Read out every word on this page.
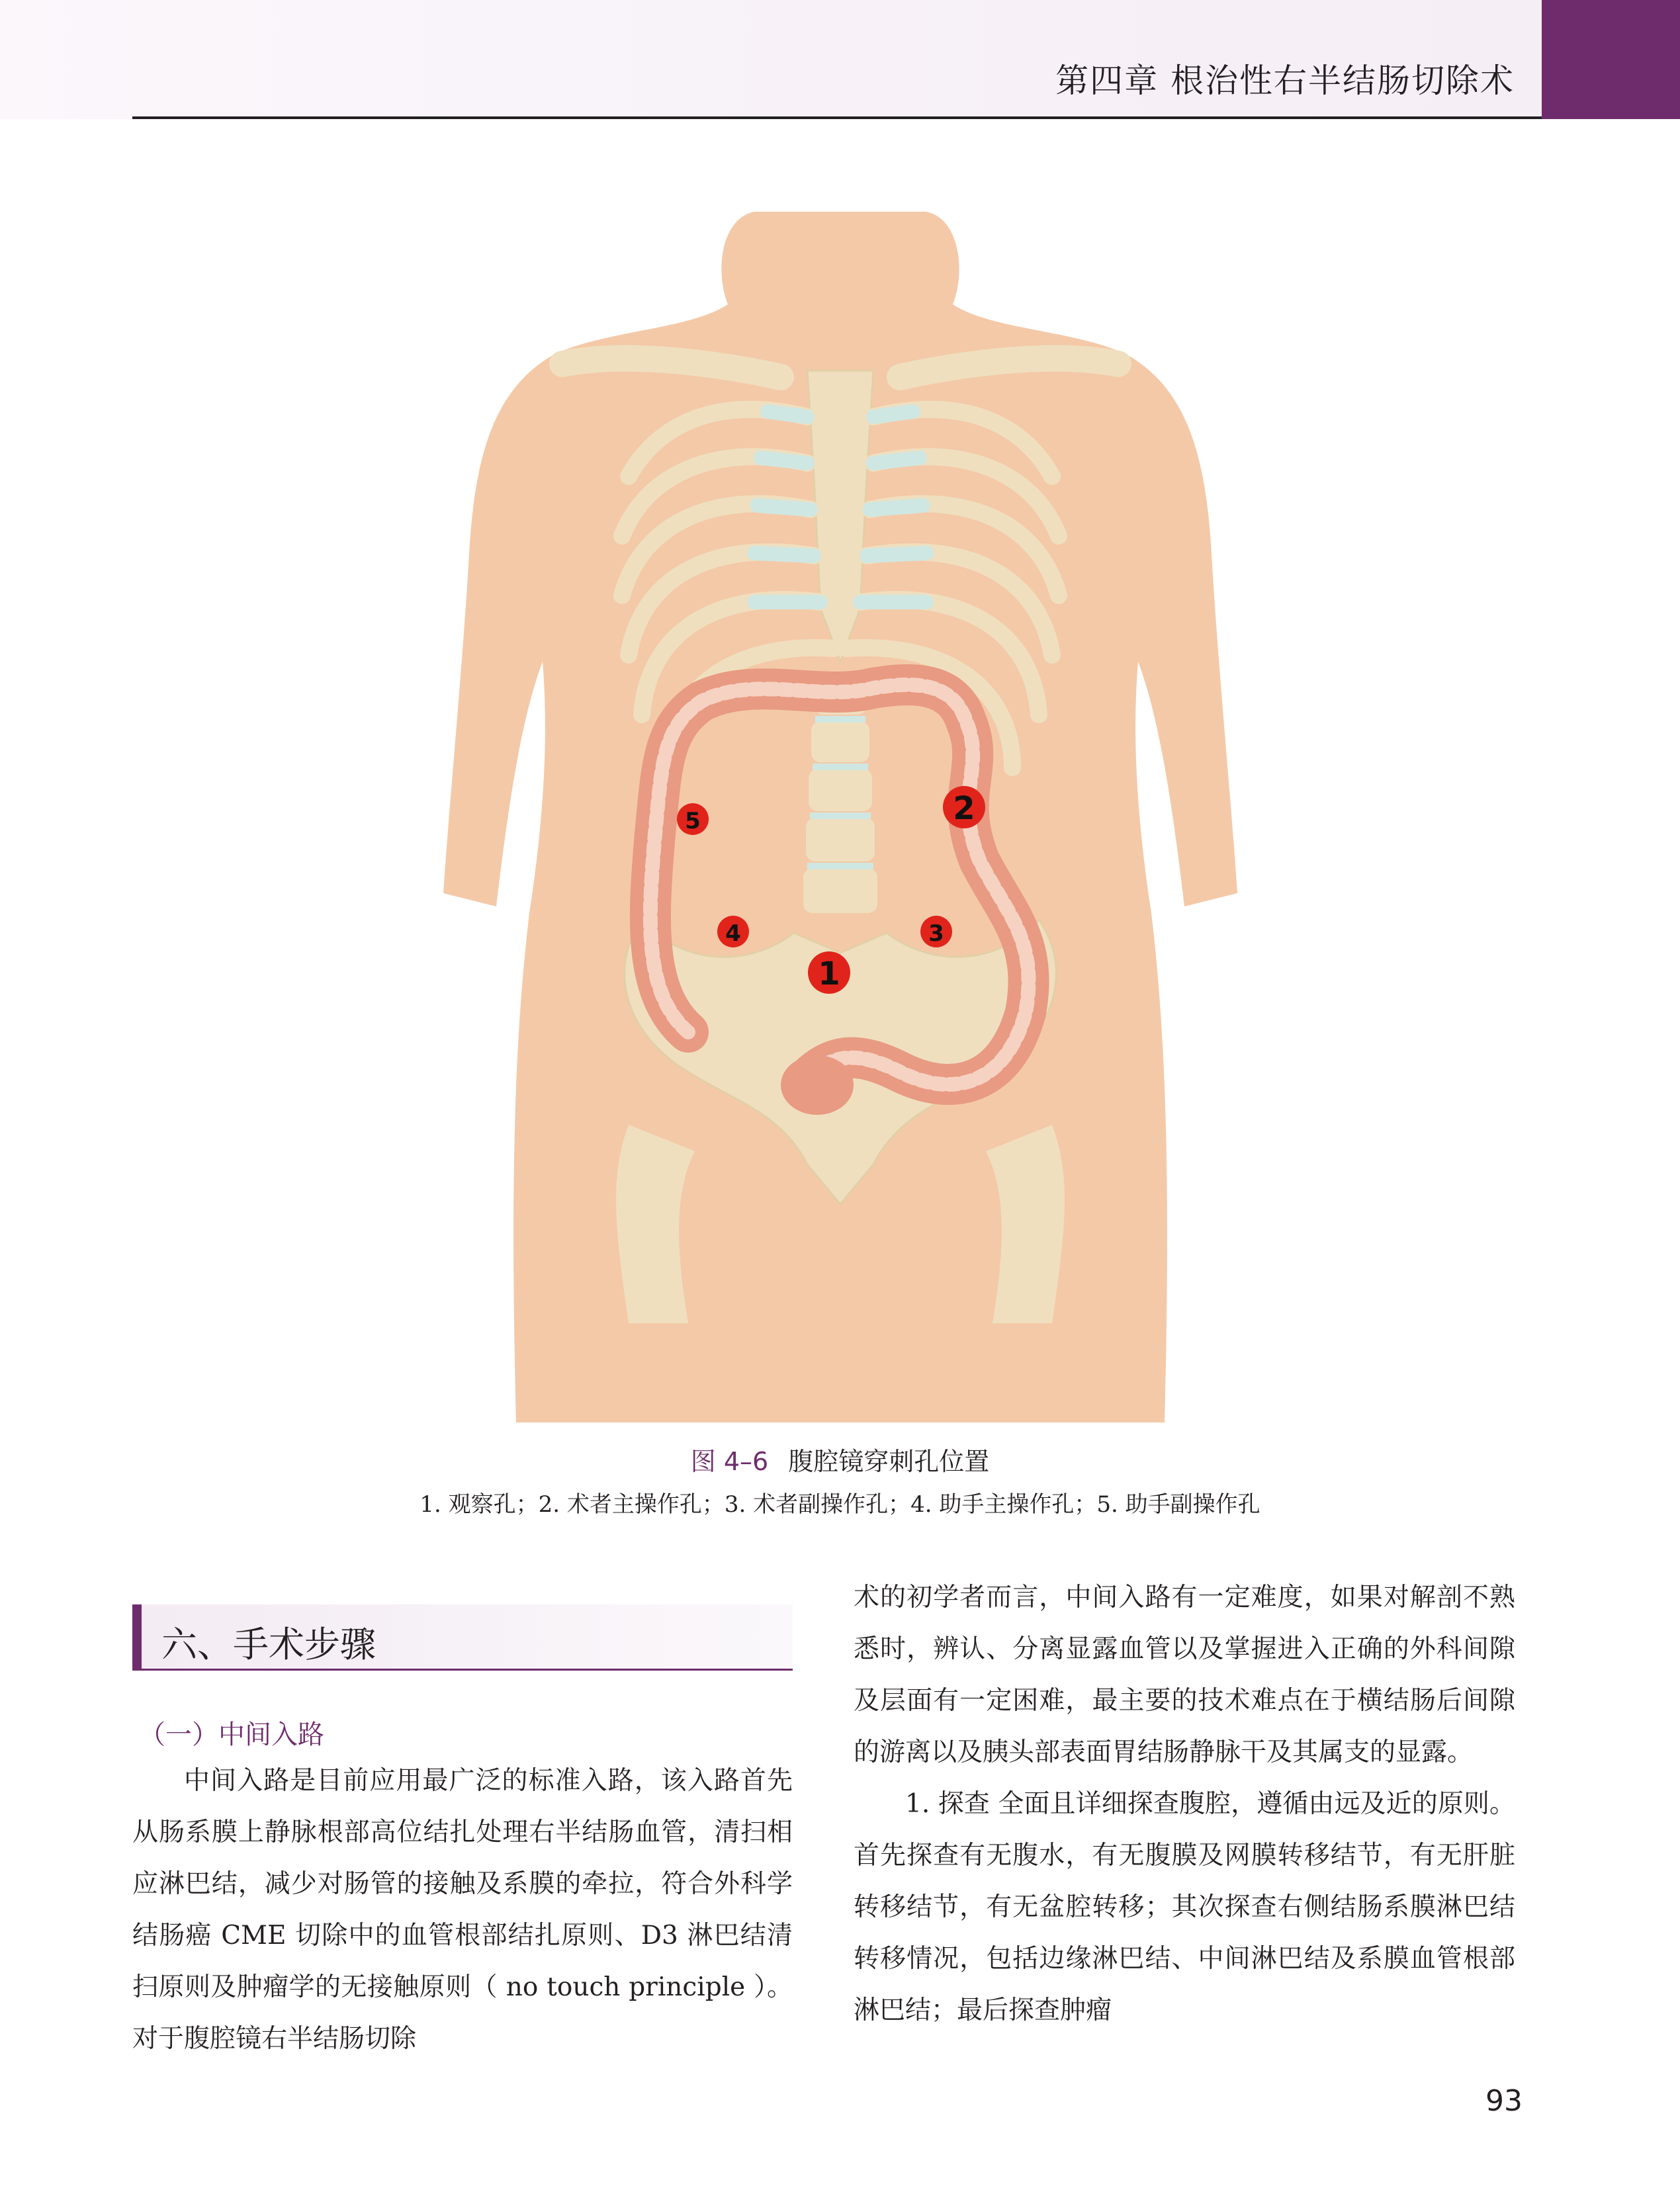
第四章 根治性右半结肠切除术
1
2
3
4
5
图 4–6 腹腔镜穿刺孔位置
1. 观察孔；2. 术者主操作孔；3. 术者副操作孔；4. 助手主操作孔；5. 助手副操作孔
六、手术步骤
（一）中间入路

中间入路是目前应用最广泛的标准入路，该入路首先从肠系膜上静脉根部高位结扎处理右半结肠血管，清扫相应淋巴结，减少对肠管的接触及系膜的牵拉，符合外科学结肠癌 CME 切除中的血管根部结扎原则、D3 淋巴结清扫原则及肿瘤学的无接触原则（ no touch principle ）。对于腹腔镜右半结肠切除

术的初学者而言，中间入路有一定难度，如果对解剖不熟悉时，辨认、分离显露血管以及掌握进入正确的外科间隙及层面有一定困难，最主要的技术难点在于横结肠后间隙的游离以及胰头部表面胃结肠静脉干及其属支的显露。

1. 探查 全面且详细探查腹腔，遵循由远及近的原则。首先探查有无腹水，有无腹膜及网膜转移结节，有无肝脏转移结节，有无盆腔转移；其次探查右侧结肠系膜淋巴结转移情况，包括边缘淋巴结、中间淋巴结及系膜血管根部淋巴结；最后探查肿瘤

93
